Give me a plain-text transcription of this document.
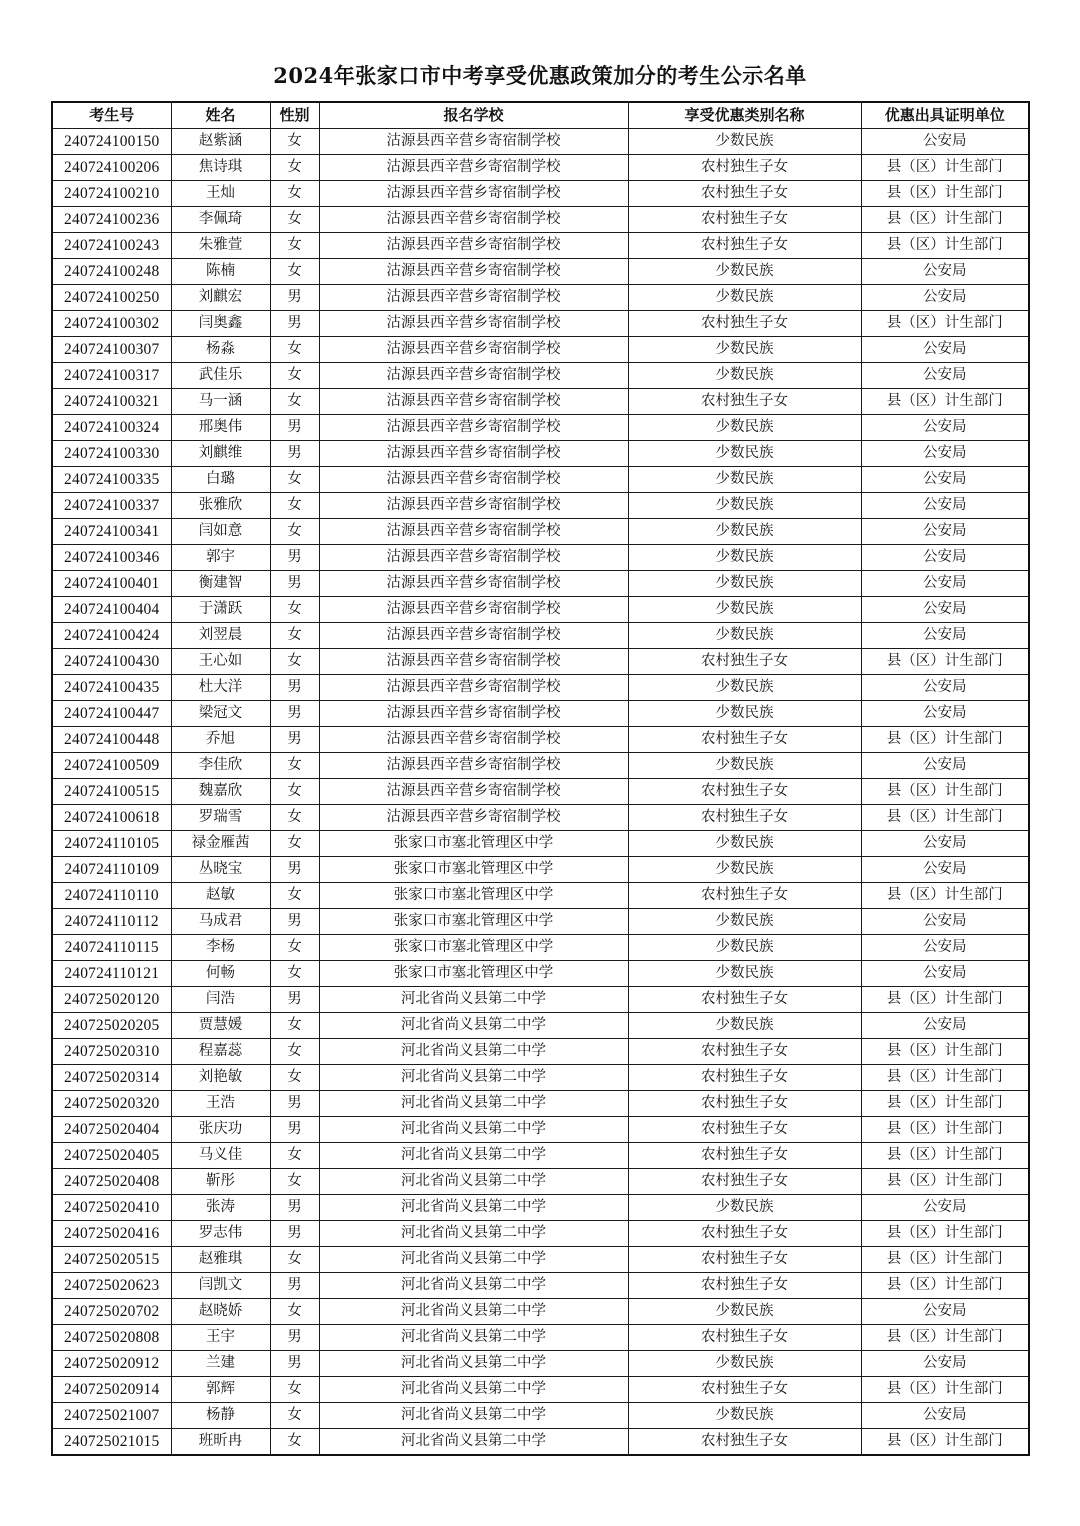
2024年张家口市中考享受优惠政策加分的考生公示名单
考生号	姓名	性别	报名学校	享受优惠类别名称	优惠出具证明单位
240724100150	赵紫涵	女	沽源县西辛营乡寄宿制学校	少数民族	公安局
240724100206	焦诗琪	女	沽源县西辛营乡寄宿制学校	农村独生子女	县（区）计生部门
240724100210	王灿	女	沽源县西辛营乡寄宿制学校	农村独生子女	县（区）计生部门
240724100236	李佩琦	女	沽源县西辛营乡寄宿制学校	农村独生子女	县（区）计生部门
240724100243	朱雅萱	女	沽源县西辛营乡寄宿制学校	农村独生子女	县（区）计生部门
240724100248	陈楠	女	沽源县西辛营乡寄宿制学校	少数民族	公安局
240724100250	刘麒宏	男	沽源县西辛营乡寄宿制学校	少数民族	公安局
240724100302	闫奥鑫	男	沽源县西辛营乡寄宿制学校	农村独生子女	县（区）计生部门
240724100307	杨淼	女	沽源县西辛营乡寄宿制学校	少数民族	公安局
240724100317	武佳乐	女	沽源县西辛营乡寄宿制学校	少数民族	公安局
240724100321	马一涵	女	沽源县西辛营乡寄宿制学校	农村独生子女	县（区）计生部门
240724100324	邢奥伟	男	沽源县西辛营乡寄宿制学校	少数民族	公安局
240724100330	刘麒维	男	沽源县西辛营乡寄宿制学校	少数民族	公安局
240724100335	白璐	女	沽源县西辛营乡寄宿制学校	少数民族	公安局
240724100337	张雅欣	女	沽源县西辛营乡寄宿制学校	少数民族	公安局
240724100341	闫如意	女	沽源县西辛营乡寄宿制学校	少数民族	公安局
240724100346	郭宇	男	沽源县西辛营乡寄宿制学校	少数民族	公安局
240724100401	衡建智	男	沽源县西辛营乡寄宿制学校	少数民族	公安局
240724100404	于潇跃	女	沽源县西辛营乡寄宿制学校	少数民族	公安局
240724100424	刘翌晨	女	沽源县西辛营乡寄宿制学校	少数民族	公安局
240724100430	王心如	女	沽源县西辛营乡寄宿制学校	农村独生子女	县（区）计生部门
240724100435	杜大洋	男	沽源县西辛营乡寄宿制学校	少数民族	公安局
240724100447	梁冠文	男	沽源县西辛营乡寄宿制学校	少数民族	公安局
240724100448	乔旭	男	沽源县西辛营乡寄宿制学校	农村独生子女	县（区）计生部门
240724100509	李佳欣	女	沽源县西辛营乡寄宿制学校	少数民族	公安局
240724100515	魏嘉欣	女	沽源县西辛营乡寄宿制学校	农村独生子女	县（区）计生部门
240724100618	罗瑞雪	女	沽源县西辛营乡寄宿制学校	农村独生子女	县（区）计生部门
240724110105	禄金雁茜	女	张家口市塞北管理区中学	少数民族	公安局
240724110109	丛晓宝	男	张家口市塞北管理区中学	少数民族	公安局
240724110110	赵敏	女	张家口市塞北管理区中学	农村独生子女	县（区）计生部门
240724110112	马成君	男	张家口市塞北管理区中学	少数民族	公安局
240724110115	李杨	女	张家口市塞北管理区中学	少数民族	公安局
240724110121	何畅	女	张家口市塞北管理区中学	少数民族	公安局
240725020120	闫浩	男	河北省尚义县第二中学	农村独生子女	县（区）计生部门
240725020205	贾慧媛	女	河北省尚义县第二中学	少数民族	公安局
240725020310	程嘉蕊	女	河北省尚义县第二中学	农村独生子女	县（区）计生部门
240725020314	刘艳敏	女	河北省尚义县第二中学	农村独生子女	县（区）计生部门
240725020320	王浩	男	河北省尚义县第二中学	农村独生子女	县（区）计生部门
240725020404	张庆功	男	河北省尚义县第二中学	农村独生子女	县（区）计生部门
240725020405	马义佳	女	河北省尚义县第二中学	农村独生子女	县（区）计生部门
240725020408	靳彤	女	河北省尚义县第二中学	农村独生子女	县（区）计生部门
240725020410	张涛	男	河北省尚义县第二中学	少数民族	公安局
240725020416	罗志伟	男	河北省尚义县第二中学	农村独生子女	县（区）计生部门
240725020515	赵雅琪	女	河北省尚义县第二中学	农村独生子女	县（区）计生部门
240725020623	闫凯文	男	河北省尚义县第二中学	农村独生子女	县（区）计生部门
240725020702	赵晓娇	女	河北省尚义县第二中学	少数民族	公安局
240725020808	王宇	男	河北省尚义县第二中学	农村独生子女	县（区）计生部门
240725020912	兰建	男	河北省尚义县第二中学	少数民族	公安局
240725020914	郭辉	女	河北省尚义县第二中学	农村独生子女	县（区）计生部门
240725021007	杨静	女	河北省尚义县第二中学	少数民族	公安局
240725021015	班昕冉	女	河北省尚义县第二中学	农村独生子女	县（区）计生部门
